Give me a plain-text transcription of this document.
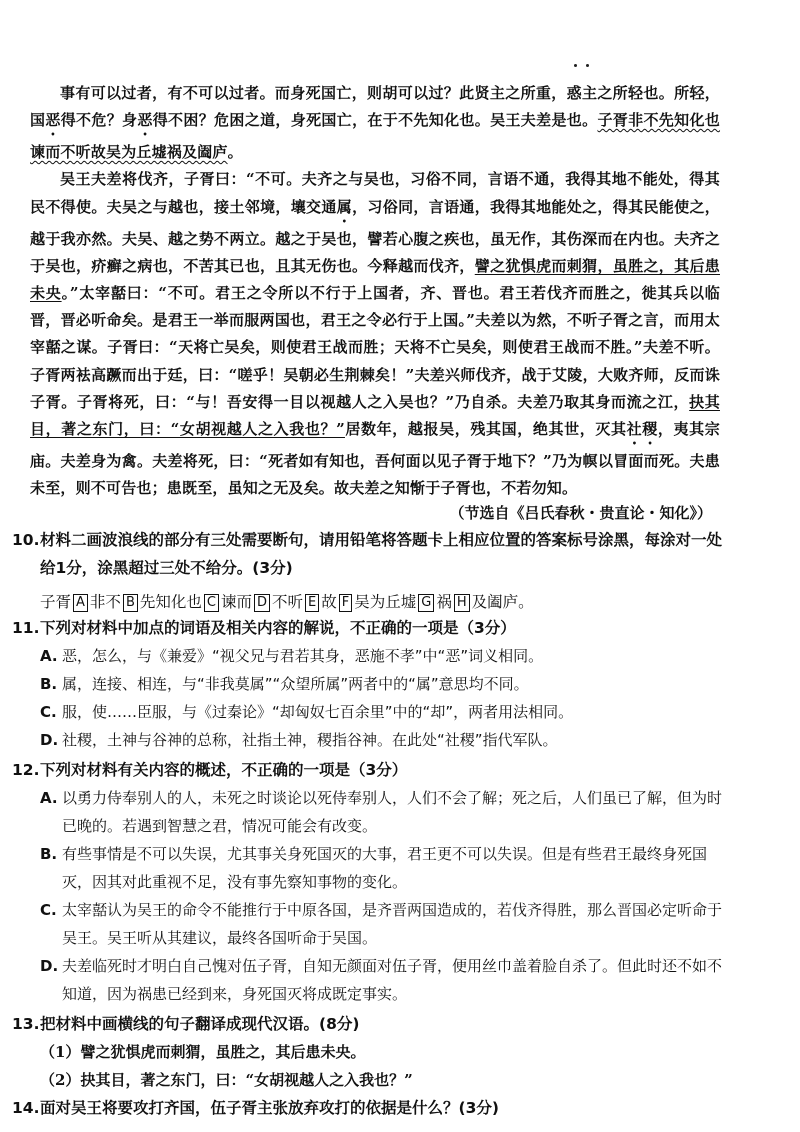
事有可以过者，有不可以过者。而身死国亡，则胡可以过？此贤主之所重，惑主之所轻也。所轻，国恶得不危？身恶得不困？危困之道，身死国亡，在于不先知化也。吴王夫差是也。子胥非不先知化也谏而不听故吴为丘墟祸及阖庐。

吴王夫差将伐齐，子胥曰：“不可。夫齐之与吴也，习俗不同，言语不通，我得其地不能处，得其民不得使。夫吴之与越也，接土邻境，壤交通属，习俗同，言语通，我得其地能处之，得其民能使之，越于我亦然。夫吴、越之势不两立。越之于吴也，譬若心腹之疾也，虽无作，其伤深而在内也。夫齐之于吴也，疥癣之病也，不苦其已也，且其无伤也。今释越而伐齐，譬之犹惧虎而刺猬，虽胜之，其后患未央。”太宰嚭曰：“不可。君王之令所以不行于上国者，齐、晋也。君王若伐齐而胜之，徙其兵以临晋，晋必听命矣。是君王一举而服两国也，君王之令必行于上国。”夫差以为然，不听子胥之言，而用太宰嚭之谋。子胥曰：“天将亡吴矣，则使君王战而胜；天将不亡吴矣，则使君王战而不胜。”夫差不听。子胥两袪高蹶而出于廷，曰：“嗟乎！吴朝必生荆棘矣！”夫差兴师伐齐，战于艾陵，大败齐师，反而诛子胥。子胥将死，曰：“与！吾安得一目以视越人之入吴也？”乃自杀。夫差乃取其身而流之江，抉其目，著之东门，曰：“女胡视越人之入我也？”居数年，越报吴，残其国，绝其世，灭其社稷，夷其宗庙。夫差身为禽。夫差将死，曰：“死者如有知也，吾何面以见子胥于地下？”乃为幎以冒面而死。夫患未至，则不可告也；患既至，虽知之无及矣。故夫差之知惭于子胥也，不若勿知。

（节选自《吕氏春秋・贵直论・知化》）

10. 材料二画波浪线的部分有三处需要断句，请用铅笔将答题卡上相应位置的答案标号涂黑，每涂对一处给1分，涂黑超过三处不给分。(3分)

子胥 A 非不 B 先知化也 C 谏而 D 不听 E 故 F 吴为丘墟 G 祸 H 及阖庐。

11. 下列对材料中加点的词语及相关内容的解说，不正确的一项是（3分）

A. 恶，怎么，与《兼爱》“视父兄与君若其身，恶施不孝”中“恶”词义相同。
B. 属，连接、相连，与“非我莫属”“众望所属”两者中的“属”意思均不同。
C. 服，使……臣服，与《过秦论》“却匈奴七百余里”中的“却”，两者用法相同。
D. 社稷，土神与谷神的总称，社指土神，稷指谷神。在此处“社稷”指代军队。

12. 下列对材料有关内容的概述，不正确的一项是（3分）

A. 以勇力侍奉别人的人，未死之时谈论以死侍奉别人，人们不会了解；死之后，人们虽已了解，但为时已晚的。若遇到智慧之君，情况可能会有改变。
B. 有些事情是不可以失误，尤其事关身死国灭的大事，君王更不可以失误。但是有些君王最终身死国灭，因其对此重视不足，没有事先察知事物的变化。
C. 太宰嚭认为吴王的命令不能推行于中原各国，是齐晋两国造成的，若伐齐得胜，那么晋国必定听命于吴王。吴王听从其建议，最终各国听命于吴国。
D. 夫差临死时才明白自己愧对伍子胥，自知无颜面对伍子胥，便用丝巾盖着脸自杀了。但此时还不如不知道，因为祸患已经到来，身死国灭将成既定事实。

13. 把材料中画横线的句子翻译成现代汉语。(8分)

（1）譬之犹惧虎而刺猬，虽胜之，其后患未央。

（2）抉其目，著之东门，曰：“女胡视越人之入我也？”

14. 面对吴王将要攻打齐国，伍子胥主张放弃攻打的依据是什么？(3分)
